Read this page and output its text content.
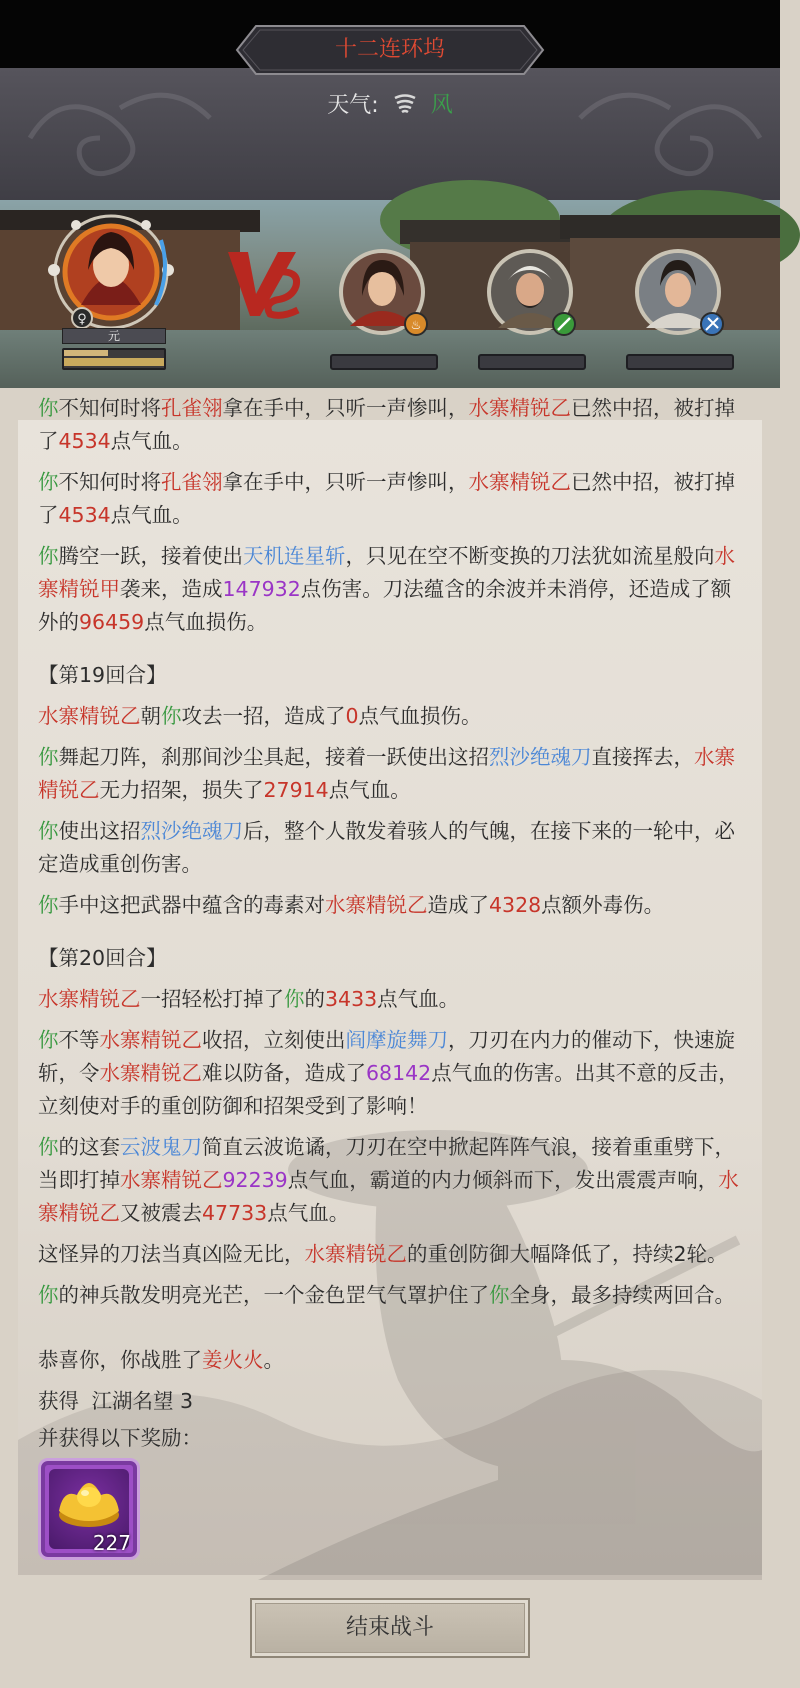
十二连环坞
天气: 风
♀
元
♨
你不知何时将孔雀翎拿在手中，只听一声惨叫，水寨精锐乙已然中招，被打掉了4534点气血。
你不知何时将孔雀翎拿在手中，只听一声惨叫，水寨精锐乙已然中招，被打掉了4534点气血。
你腾空一跃，接着使出天机连星斩，只见在空不断变换的刀法犹如流星般向水寨精锐甲袭来，造成147932点伤害。刀法蕴含的余波并未消停，还造成了额外的96459点气血损伤。
【第19回合】
水寨精锐乙朝你攻去一招，造成了0点气血损伤。
你舞起刀阵，刹那间沙尘具起，接着一跃使出这招烈沙绝魂刀直接挥去，水寨精锐乙无力招架，损失了27914点气血。
你使出这招烈沙绝魂刀后，整个人散发着骇人的气魄，在接下来的一轮中，必定造成重创伤害。
你手中这把武器中蕴含的毒素对水寨精锐乙造成了4328点额外毒伤。
【第20回合】
水寨精锐乙一招轻松打掉了你的3433点气血。
你不等水寨精锐乙收招，立刻使出阎摩旋舞刀，刀刃在内力的催动下，快速旋斩，令水寨精锐乙难以防备，造成了68142点气血的伤害。出其不意的反击，立刻使对手的重创防御和招架受到了影响！
你的这套云波鬼刀简直云波诡谲，刀刃在空中掀起阵阵气浪，接着重重劈下，当即打掉水寨精锐乙92239点气血，霸道的内力倾斜而下，发出震震声响，水寨精锐乙又被震去47733点气血。
这怪异的刀法当真凶险无比，水寨精锐乙的重创防御大幅降低了，持续2轮。
你的神兵散发明亮光芒，一个金色罡气气罩护住了你全身，最多持续两回合。
恭喜你，你战胜了姜火火。
获得 江湖名望 3
并获得以下奖励：
227
结束战斗
